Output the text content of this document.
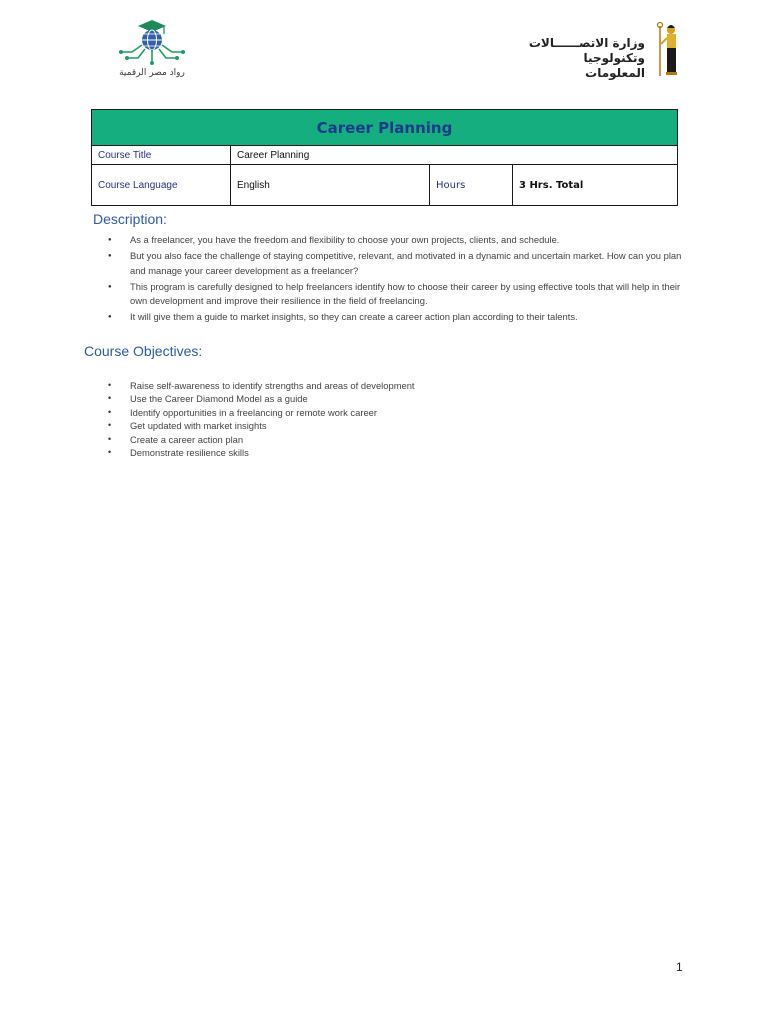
رواد مصر الرقمية
وزارة الاتصــــــالات
وتكنولوجيا المعلومات
Career Planning			
Course Title	Career Planning		
Course Language	English	Hours	3 Hrs. Total
Description:
● As a freelancer, you have the freedom and flexibility to choose your own projects, clients, and schedule.
● But you also face the challenge of staying competitive, relevant, and motivated in a dynamic and uncertain market. How can you plan and manage your career development as a freelancer?
● This program is carefully designed to help freelancers identify how to choose their career by using effective tools that will help in their own development and improve their resilience in the field of freelancing.
● It will give them a guide to market insights, so they can create a career action plan according to their talents.
Course Objectives:
• Raise self-awareness to identify strengths and areas of development
• Use the Career Diamond Model as a guide
• Identify opportunities in a freelancing or remote work career
• Get updated with market insights
• Create a career action plan
• Demonstrate resilience skills
1
